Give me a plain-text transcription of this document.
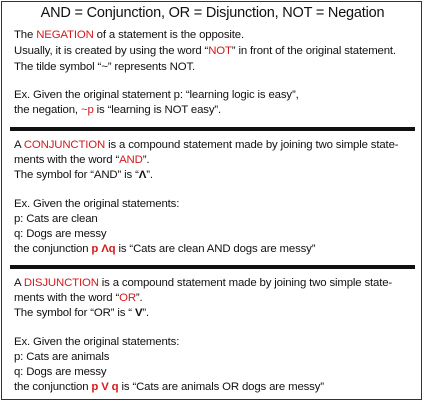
AND = Conjunction, OR = Disjunction, NOT = Negation
The NEGATION of a statement is the opposite.
Usually, it is created by using the word “NOT” in front of the original statement.
The tilde symbol “~” represents NOT.
Ex. Given the original statement p: “learning logic is easy”,
the negation, ~p is “learning is NOT easy”.
A CONJUNCTION is a compound statement made by joining two simple state-
ments with the word “AND”.
The symbol for “AND” is “Λ”.
Ex. Given the original statements:
p: Cats are clean
q: Dogs are messy
the conjunction p Λq is “Cats are clean AND dogs are messy”
A DISJUNCTION is a compound statement made by joining two simple state-
ments with the word “OR”.
The symbol for “OR” is “ V”.
Ex. Given the original statements:
p: Cats are animals
q: Dogs are messy
the conjunction p V q is “Cats are animals OR dogs are messy”
